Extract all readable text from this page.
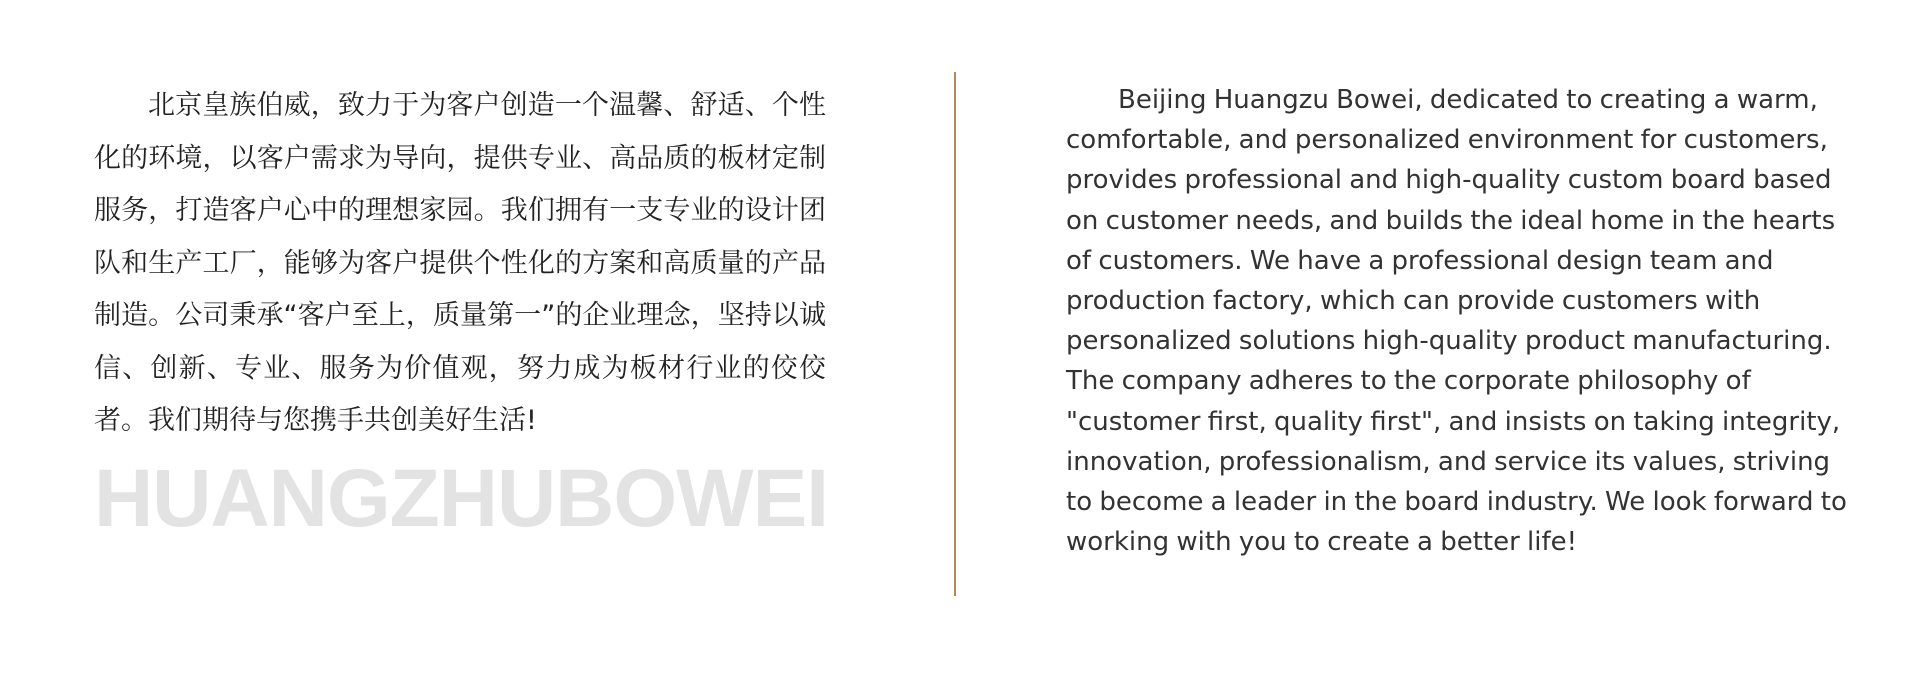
北京皇族伯威，致力于为客户创造一个温馨、舒适、个性化的环境，以客户需求为导向，提供专业、高品质的板材定制服务，打造客户心中的理想家园。我们拥有一支专业的设计团队和生产工厂，能够为客户提供个性化的方案和高质量的产品制造。公司秉承“客户至上，质量第一”的企业理念，坚持以诚信、创新、专业、服务为价值观，努力成为板材行业的佼佼者。我们期待与您携手共创美好生活!

HUANGZHUBOWEI

Beijing Huangzu Bowei, dedicated to creating a warm, comfortable, and personalized environment for customers, provides professional and high-quality custom board based on customer needs, and builds the ideal home in the hearts of customers. We have a professional design team and production factory, which can provide customers with personalized solutions high-quality product manufacturing. The company adheres to the corporate philosophy of "customer first, quality first", and insists on taking integrity, innovation, professionalism, and service its values, striving to become a leader in the board industry. We look forward to working with you to create a better life!
